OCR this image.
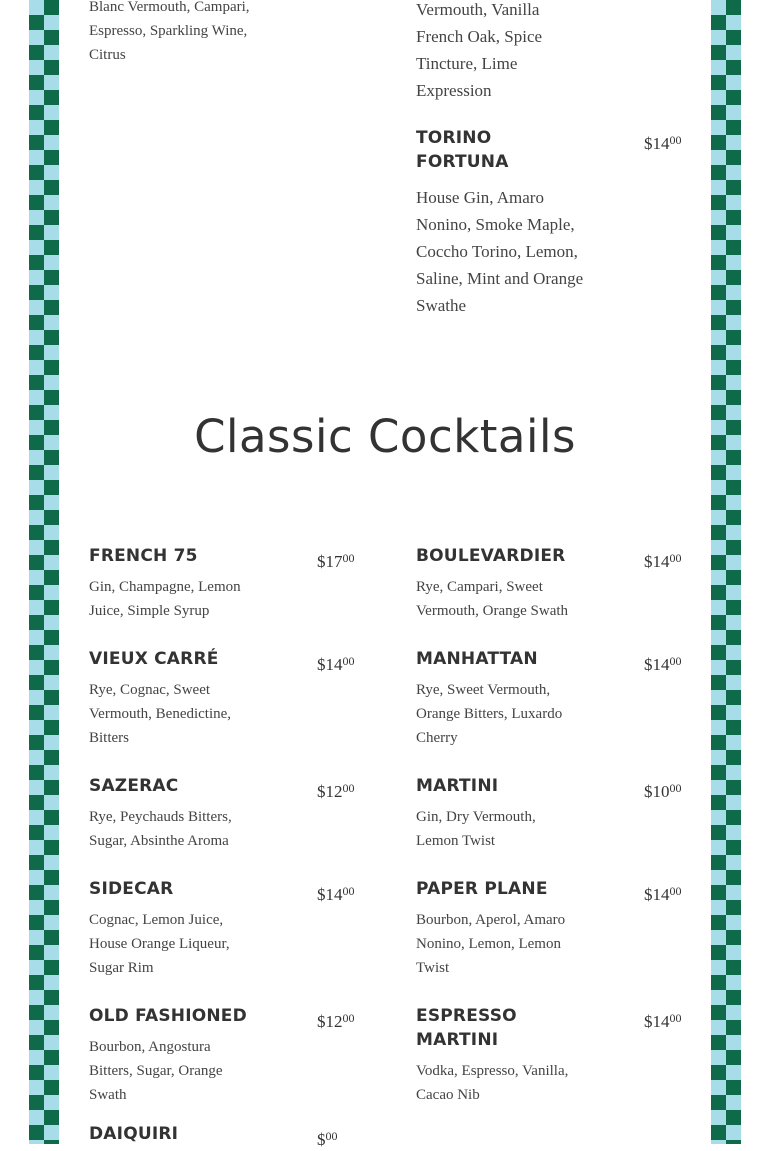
Blanc Vermouth, Campari,
Espresso, Sparkling Wine,
Citrus
Vermouth, Vanilla
French Oak, Spice
Tincture, Lime
Expression
TORINO
FORTUNA
House Gin, Amaro
Nonino, Smoke Maple,
Coccho Torino, Lemon,
Saline, Mint and Orange
Swathe
$\$14^{00}$
Classic Cocktails
FRENCH 75
Gin, Champagne, Lemon
Juice, Simple Syrup
$\$17^{00}$
VIEUX CARRÉ
Rye, Cognac, Sweet
Vermouth, Benedictine,
Bitters
$\$14^{00}$
SAZERAC
Rye, Peychauds Bitters,
Sugar, Absinthe Aroma
$\$12^{00}$
SIDECAR
Cognac, Lemon Juice,
House Orange Liqueur,
Sugar Rim
$\$14^{00}$
OLD FASHIONED
Bourbon, Angostura
Bitters, Sugar, Orange
Swath
$\$12^{00}$
DAIQUIRI	\$$^{00}$
BOULEVARDIER
Rye, Campari, Sweet
Vermouth, Orange Swath
$\$14^{00}$
MANHATTAN
Rye, Sweet Vermouth,
Orange Bitters, Luxardo
Cherry
$\$14^{00}$
MARTINI
Gin, Dry Vermouth,
Lemon Twist
$\$10^{00}$
PAPER PLANE
Bourbon, Aperol, Amaro
Nonino, Lemon, Lemon
Twist
$\$14^{00}$
ESPRESSO
MARTINI
Vodka, Espresso, Vanilla,
Cacao Nib
$\$14^{00}$
